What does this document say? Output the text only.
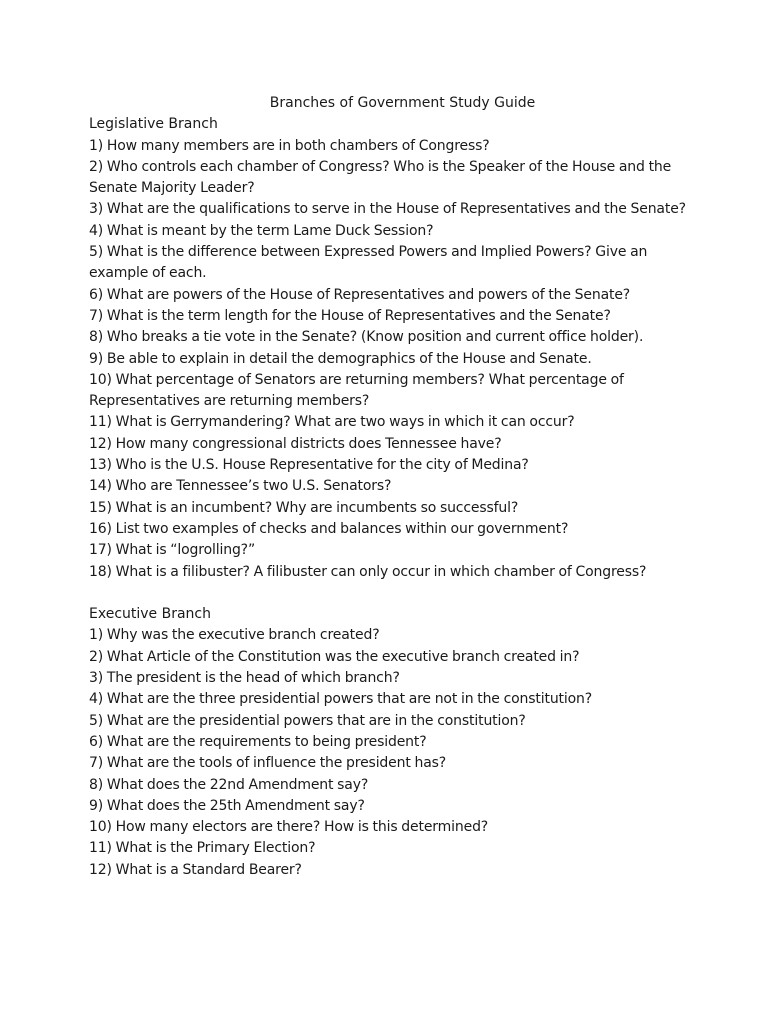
Branches of Government Study Guide
Legislative Branch
1) How many members are in both chambers of Congress?
2) Who controls each chamber of Congress? Who is the Speaker of the House and the Senate Majority Leader?
3) What are the qualifications to serve in the House of Representatives and the Senate?
4) What is meant by the term Lame Duck Session?
5) What is the difference between Expressed Powers and Implied Powers? Give an example of each.
6) What are powers of the House of Representatives and powers of the Senate?
7) What is the term length for the House of Representatives and the Senate?
8) Who breaks a tie vote in the Senate? (Know position and current office holder).
9) Be able to explain in detail the demographics of the House and Senate.
10) What percentage of Senators are returning members? What percentage of Representatives are returning members?
11) What is Gerrymandering? What are two ways in which it can occur?
12) How many congressional districts does Tennessee have?
13) Who is the U.S. House Representative for the city of Medina?
14) Who are Tennessee’s two U.S. Senators?
15) What is an incumbent? Why are incumbents so successful?
16) List two examples of checks and balances within our government?
17) What is “logrolling?”
18) What is a filibuster? A filibuster can only occur in which chamber of Congress?
Executive Branch
1) Why was the executive branch created?
2) What Article of the Constitution was the executive branch created in?
3) The president is the head of which branch?
4) What are the three presidential powers that are not in the constitution?
5) What are the presidential powers that are in the constitution?
6) What are the requirements to being president?
7) What are the tools of influence the president has?
8) What does the 22nd Amendment say?
9) What does the 25th Amendment say?
10) How many electors are there? How is this determined?
11) What is the Primary Election?
12) What is a Standard Bearer?
